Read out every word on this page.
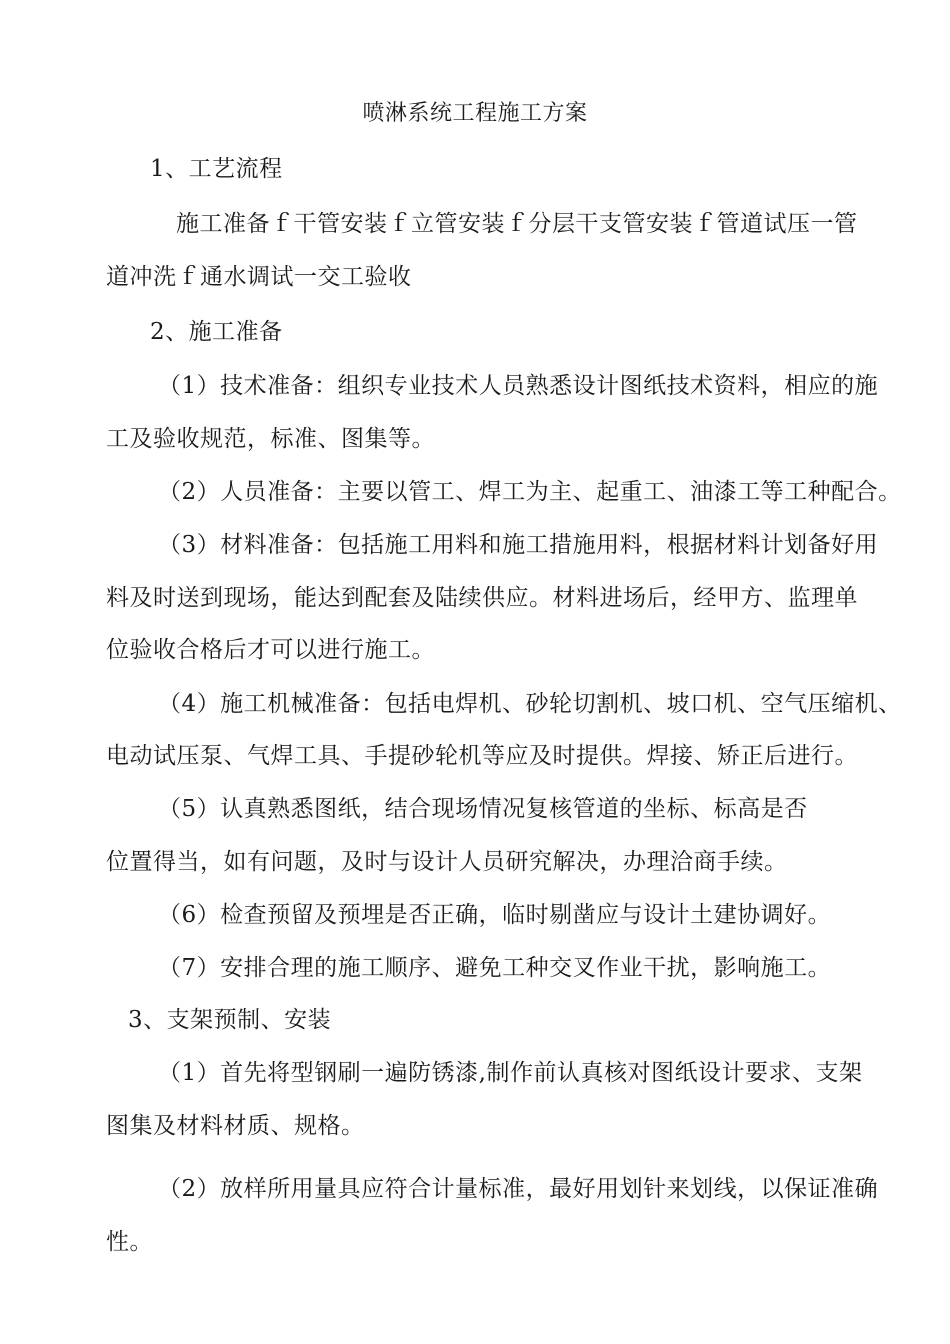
喷淋系统工程施工方案
1、工艺流程
施工准备ｆ干管安装ｆ立管安装ｆ分层干支管安装ｆ管道试压一管
道冲洗ｆ通水调试一交工验收
2、施工准备
（1）技术准备：组织专业技术人员熟悉设计图纸技术资料，相应的施
工及验收规范，标准、图集等。
（2）人员准备：主要以管工、焊工为主、起重工、油漆工等工种配合。
（3）材料准备：包括施工用料和施工措施用料，根据材料计划备好用
料及时送到现场，能达到配套及陆续供应。材料进场后，经甲方、监理单
位验收合格后才可以进行施工。
（4）施工机械准备：包括电焊机、砂轮切割机、坡口机、空气压缩机、
电动试压泵、气焊工具、手提砂轮机等应及时提供。焊接、矫正后进行。
（5）认真熟悉图纸，结合现场情况复核管道的坐标、标高是否
位置得当，如有问题，及时与设计人员研究解决，办理洽商手续。
（6）检查预留及预埋是否正确，临时剔凿应与设计土建协调好。
（7）安排合理的施工顺序、避免工种交叉作业干扰，影响施工。
3、支架预制、安装
（1）首先将型钢刷一遍防锈漆,制作前认真核对图纸设计要求、支架
图集及材料材质、规格。
（2）放样所用量具应符合计量标准，最好用划针来划线，以保证准确
性。
